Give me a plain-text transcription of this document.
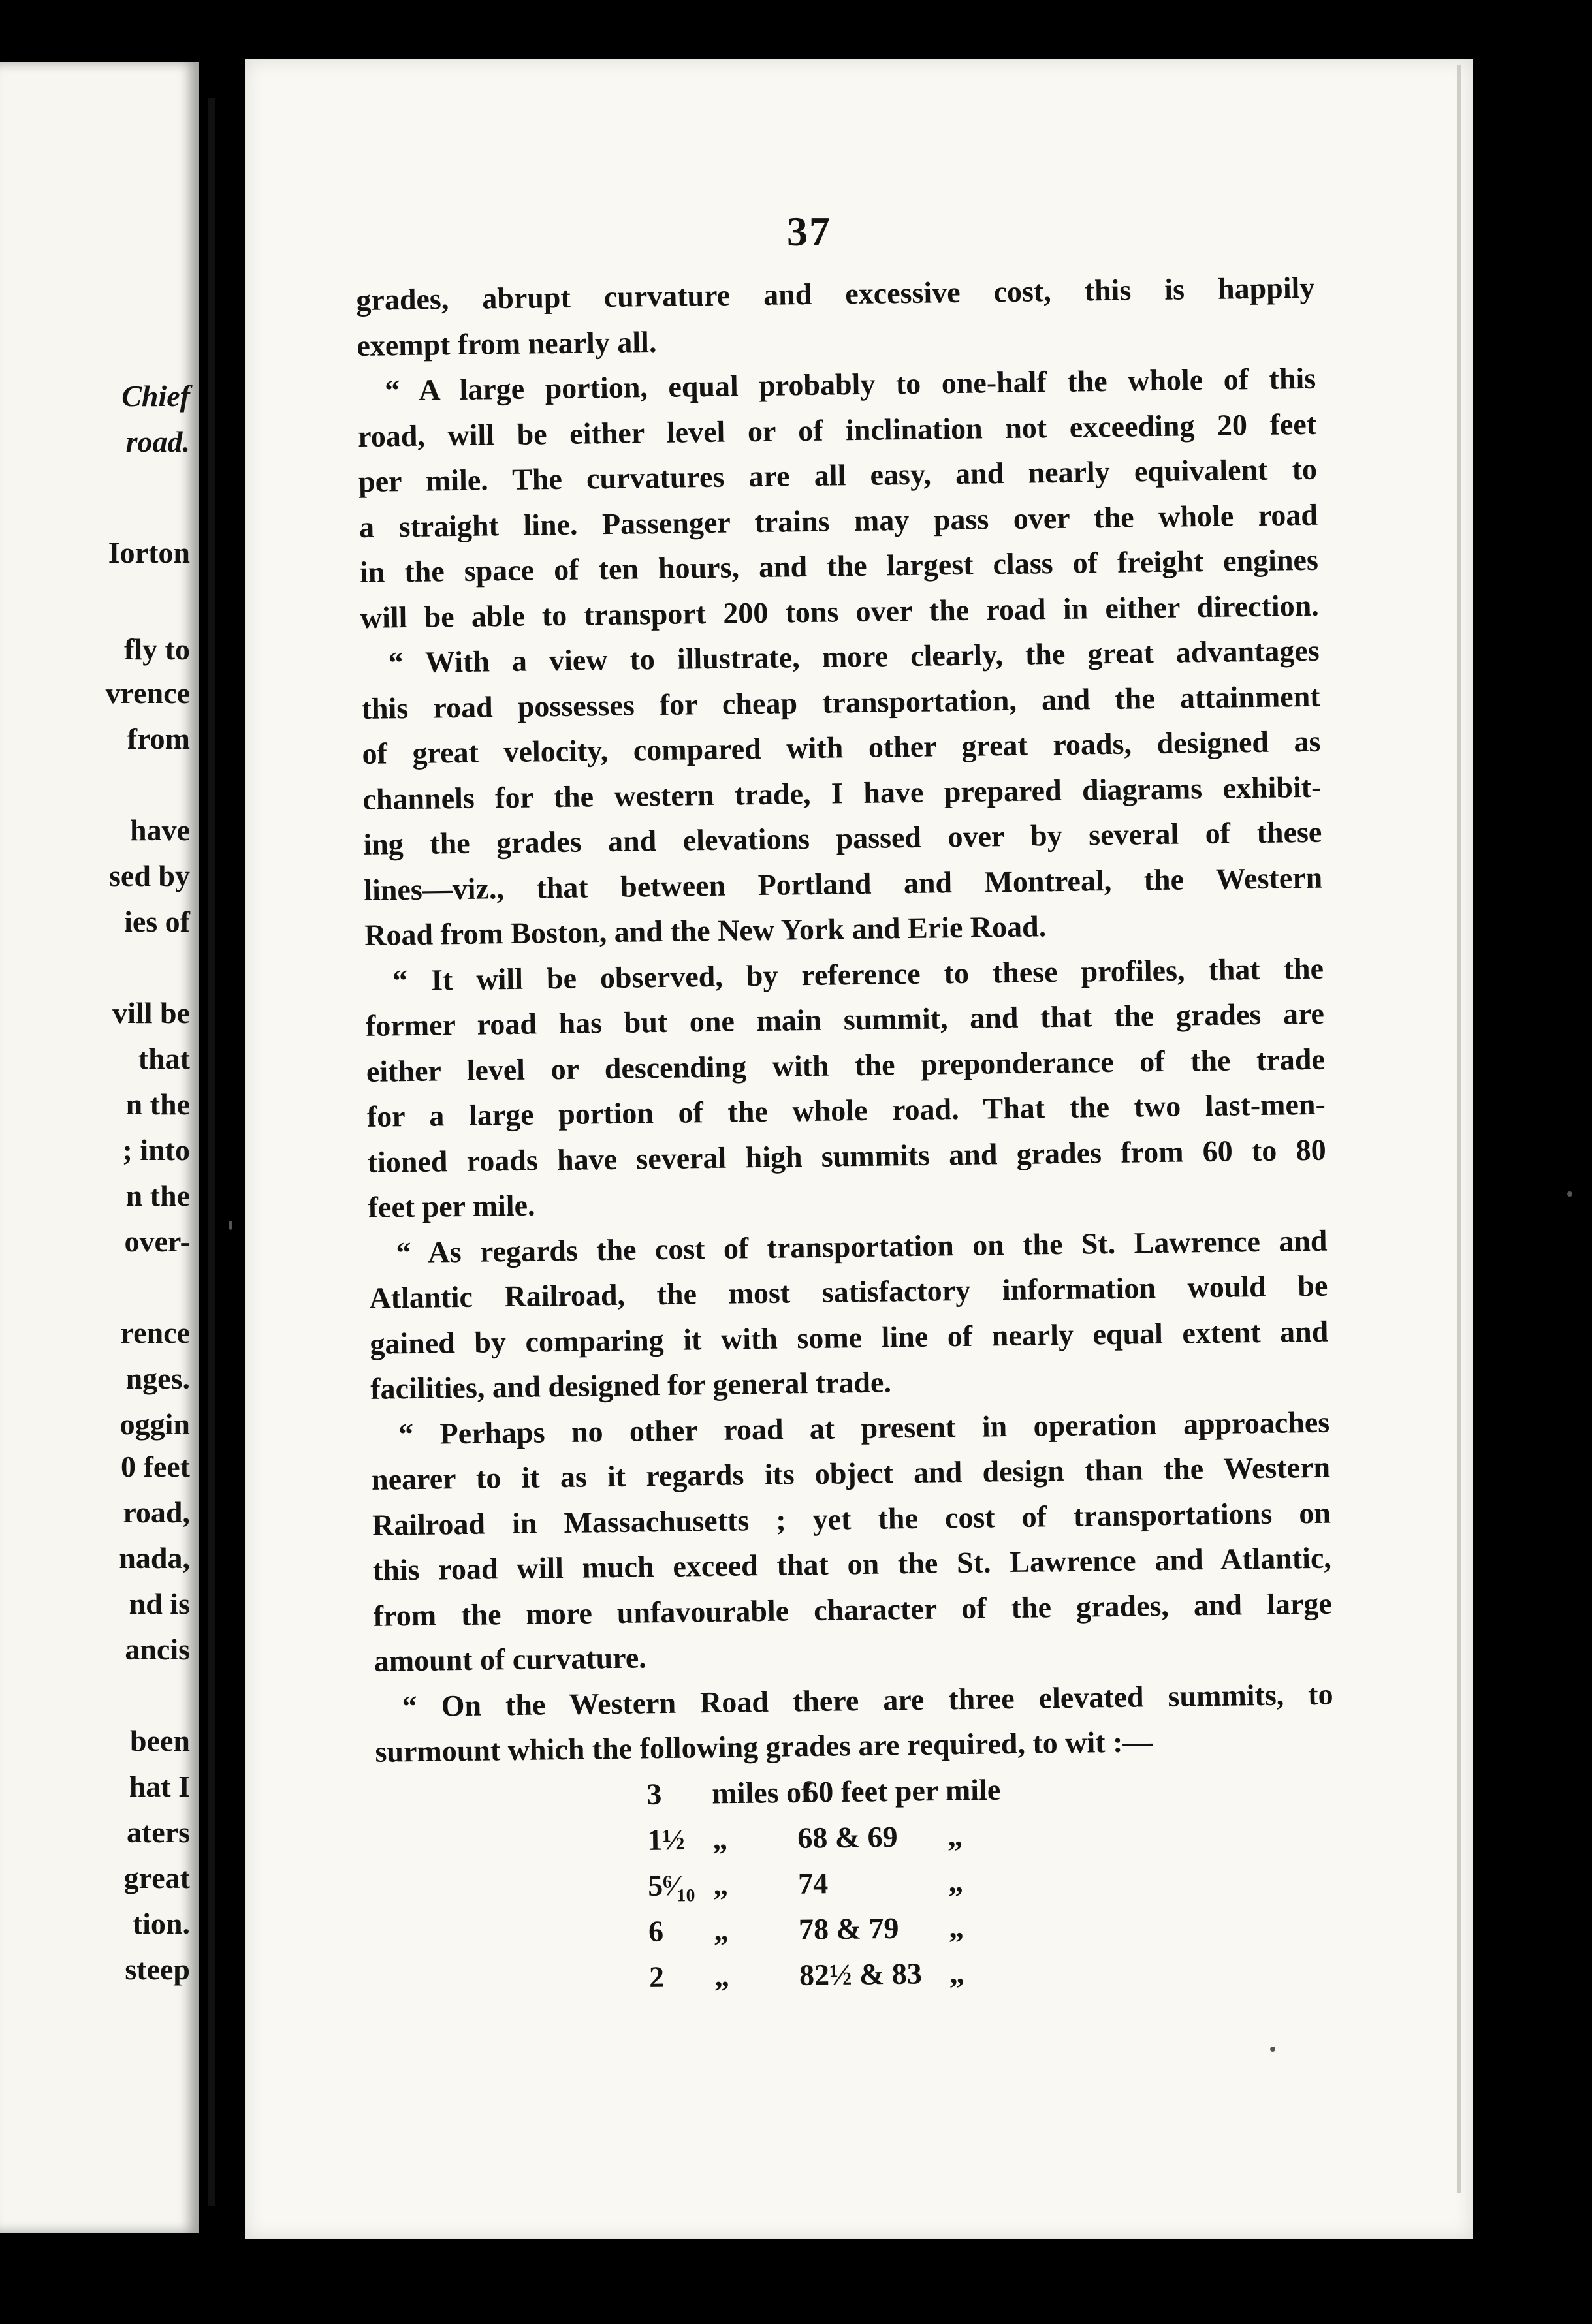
Chief
road.
Iorton
fly to
vrence
from
have
sed by
ies of
vill be
that
n the
; into
n the
over-
rence
nges.
oggin
0 feet
road,
nada,
nd is
ancis
been
hat I
aters
great
tion.
steep
37
grades, abrupt curvature and excessive cost, this is happily
exempt from nearly all.
“ A large portion, equal probably to one-half the whole of this
road, will be either level or of inclination not exceeding 20 feet
per mile. The curvatures are all easy, and nearly equivalent to
a straight line. Passenger trains may pass over the whole road
in the space of ten hours, and the largest class of freight engines
will be able to transport 200 tons over the road in either direction.
“ With a view to illustrate, more clearly, the great advantages
this road possesses for cheap transportation, and the attainment
of great velocity, compared with other great roads, designed as
channels for the western trade, I have prepared diagrams exhibit-
ing the grades and elevations passed over by several of these
lines—viz., that between Portland and Montreal, the Western
Road from Boston, and the New York and Erie Road.
“ It will be observed, by reference to these profiles, that the
former road has but one main summit, and that the grades are
either level or descending with the preponderance of the trade
for a large portion of the whole road. That the two last-men-
tioned roads have several high summits and grades from 60 to 80
feet per mile.
“ As regards the cost of transportation on the St. Lawrence and
Atlantic Railroad, the most satisfactory information would be
gained by comparing it with some line of nearly equal extent and
facilities, and designed for general trade.
“ Perhaps no other road at present in operation approaches
nearer to it as it regards its object and design than the Western
Railroad in Massachusetts ; yet the cost of transportations on
this road will much exceed that on the St. Lawrence and Atlantic,
from the more unfavourable character of the grades, and large
amount of curvature.
“ On the Western Road there are three elevated summits, to
surmount which the following grades are required, to wit :—
3 miles of
60 feet per mile
1½ „ 68 & 69 „
5⁶⁄₁₀ „ 74	„
6 „ 78 & 79 „
2 „ 82½ & 83 „
